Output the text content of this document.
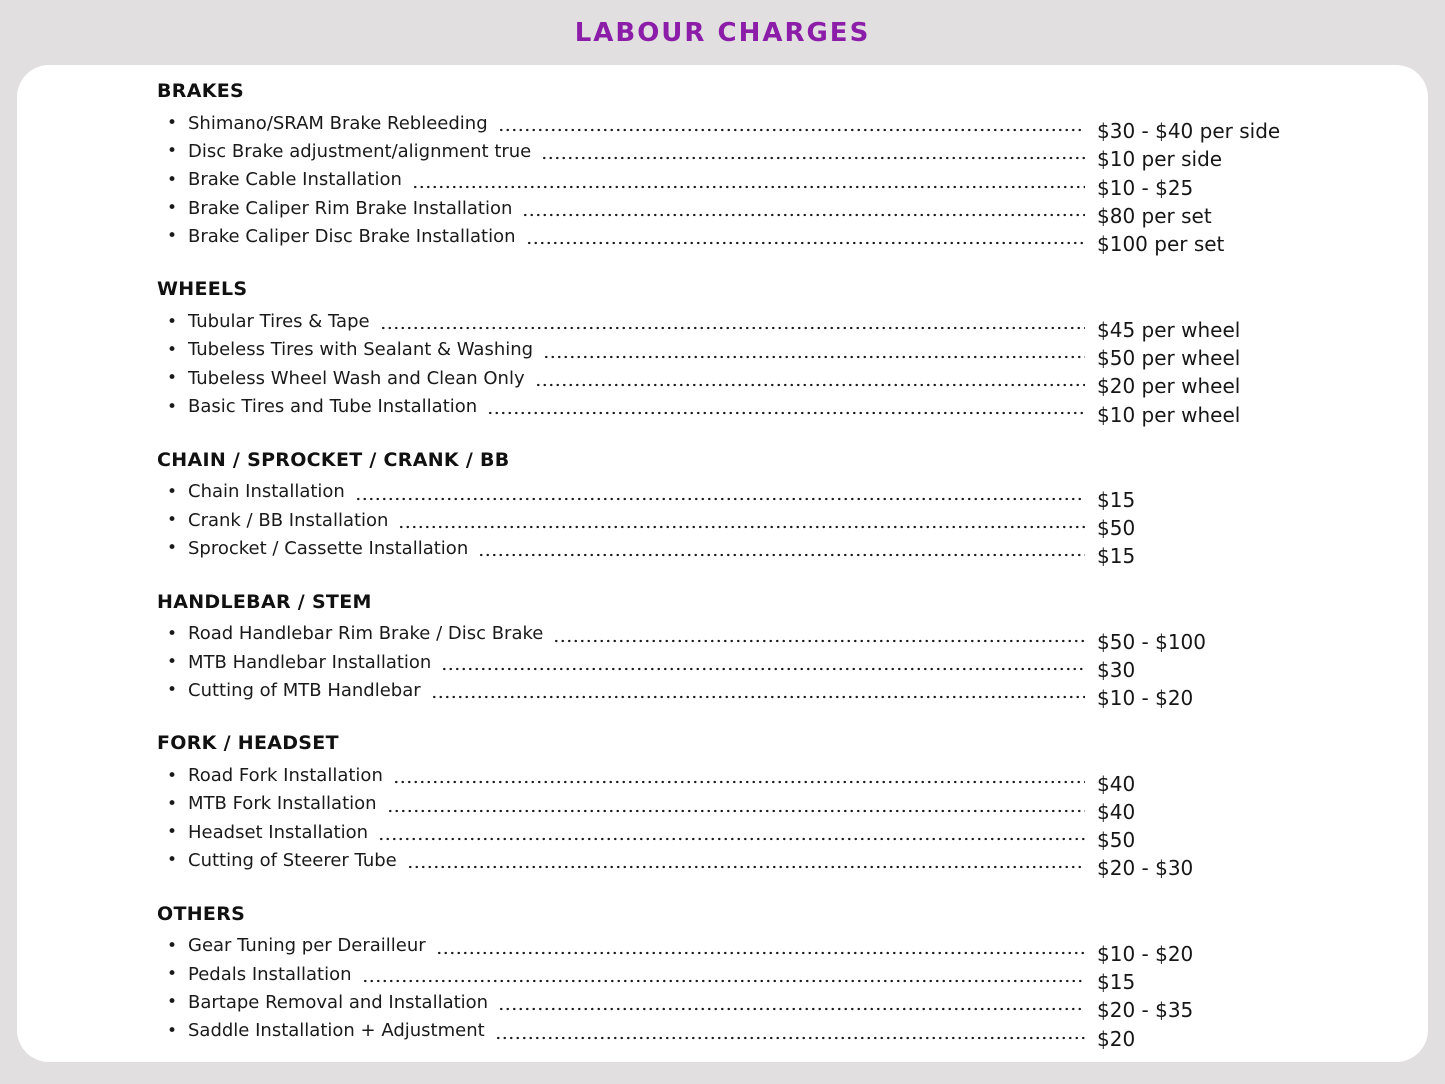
LABOUR CHARGES
BRAKES
• Shimano/SRAM Brake Rebleeding	$30 - $40 per side
• Disc Brake adjustment/alignment true	$10 per side
• Brake Cable Installation	$10 - $25
• Brake Caliper Rim Brake Installation	$80 per set
• Brake Caliper Disc Brake Installation	$100 per set
WHEELS
• Tubular Tires & Tape	$45 per wheel
• Tubeless Tires with Sealant & Washing	$50 per wheel
• Tubeless Wheel Wash and Clean Only	$20 per wheel
• Basic Tires and Tube Installation	$10 per wheel
CHAIN / SPROCKET / CRANK / BB
• Chain Installation	$15
• Crank / BB Installation	$50
• Sprocket / Cassette Installation	$15
HANDLEBAR / STEM
• Road Handlebar Rim Brake / Disc Brake	$50 - $100
• MTB Handlebar Installation	$30
• Cutting of MTB Handlebar	$10 - $20
FORK / HEADSET
• Road Fork Installation	$40
• MTB Fork Installation	$40
• Headset Installation	$50
• Cutting of Steerer Tube	$20 - $30
OTHERS
• Gear Tuning per Derailleur	$10 - $20
• Pedals Installation	$15
• Bartape Removal and Installation	$20 - $35
• Saddle Installation + Adjustment	$20
